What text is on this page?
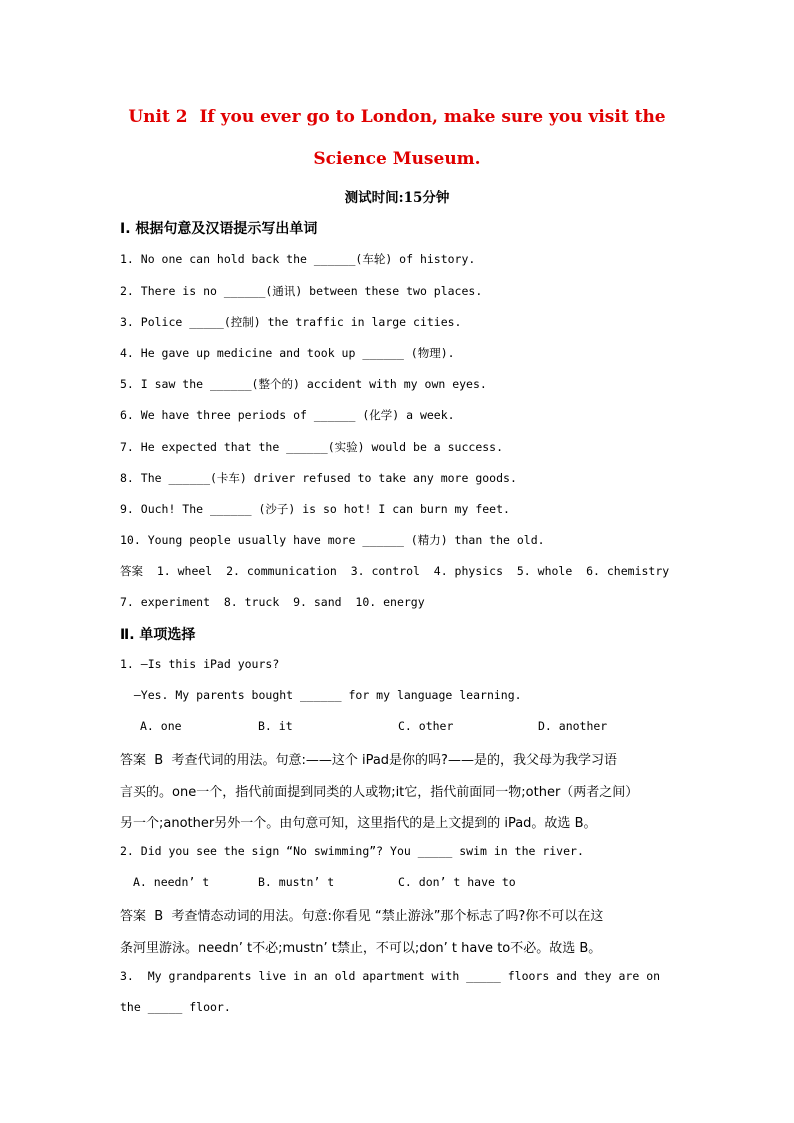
Unit 2  If you ever go to London, make sure you visit the
Science Museum.
测试时间:15分钟
Ⅰ. 根据句意及汉语提示写出单词
1. No one can hold back the ______(车轮) of history.
2. There is no ______(通讯) between these two places.
3. Police _____(控制) the traffic in large cities.
4. He gave up medicine and took up ______ (物理).
5. I saw the ______(整个的) accident with my own eyes.
6. We have three periods of ______ (化学) a week.
7. He expected that the ______(实验) would be a success.
8. The ______(卡车) driver refused to take any more goods.
9. Ouch! The ______ (沙子) is so hot! I can burn my feet.
10. Young people usually have more ______ (精力) than the old.
答案  1. wheel  2. communication  3. control  4. physics  5. whole  6. chemistry
7. experiment  8. truck  9. sand  10. energy
Ⅱ. 单项选择
1. —Is this iPad yours?
—Yes. My parents bought ______ for my language learning.
A. one	B. it	C. other	D. another
答案  B  考查代词的用法。句意:——这个 iPad是你的吗?——是的，我父母为我学习语
言买的。one一个，指代前面提到同类的人或物;it它，指代前面同一物;other（两者之间）
另一个;another另外一个。由句意可知，这里指代的是上文提到的 iPad。故选 B。
2. Did you see the sign “No swimming”? You _____ swim in the river.
A. needn’ t	B. mustn’ t	C. don’ t have to
答案  B  考查情态动词的用法。句意:你看见 “禁止游泳”那个标志了吗?你不可以在这
条河里游泳。needn’ t不必;mustn’ t禁止，不可以;don’ t have to不必。故选 B。
3.  My grandparents live in an old apartment with _____ floors and they are on
the _____ floor.
